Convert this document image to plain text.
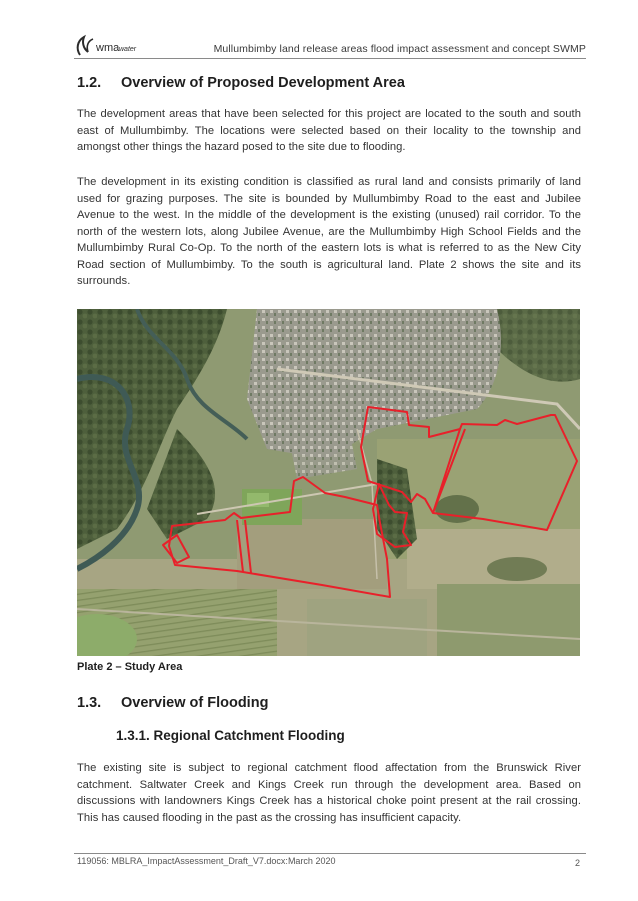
wma water	Mullumbimby land release areas flood impact assessment and concept SWMP
1.2. Overview of Proposed Development Area

The development areas that have been selected for this project are located to the south and south east of Mullumbimby. The locations were selected based on their locality to the township and amongst other things the hazard posed to the site due to flooding.

The development in its existing condition is classified as rural land and consists primarily of land used for grazing purposes. The site is bounded by Mullumbimby Road to the east and Jubilee Avenue to the west. In the middle of the development is the existing (unused) rail corridor. To the north of the western lots, along Jubilee Avenue, are the Mullumbimby High School Fields and the Mullumbimby Rural Co-Op. To the north of the eastern lots is what is referred to as the New City Road section of Mullumbimby. To the south is agricultural land. Plate 2 shows the site and its surrounds.

Plate 2 – Study Area
1.3. Overview of Flooding
1.3.1. Regional Catchment Flooding

The existing site is subject to regional catchment flood affectation from the Brunswick River catchment. Saltwater Creek and Kings Creek run through the development area. Based on discussions with landowners Kings Creek has a historical choke point present at the rail crossing. This has caused flooding in the past as the crossing has insufficient capacity.

119056: MBLRA_ImpactAssessment_Draft_V7.docx:March 2020	2
